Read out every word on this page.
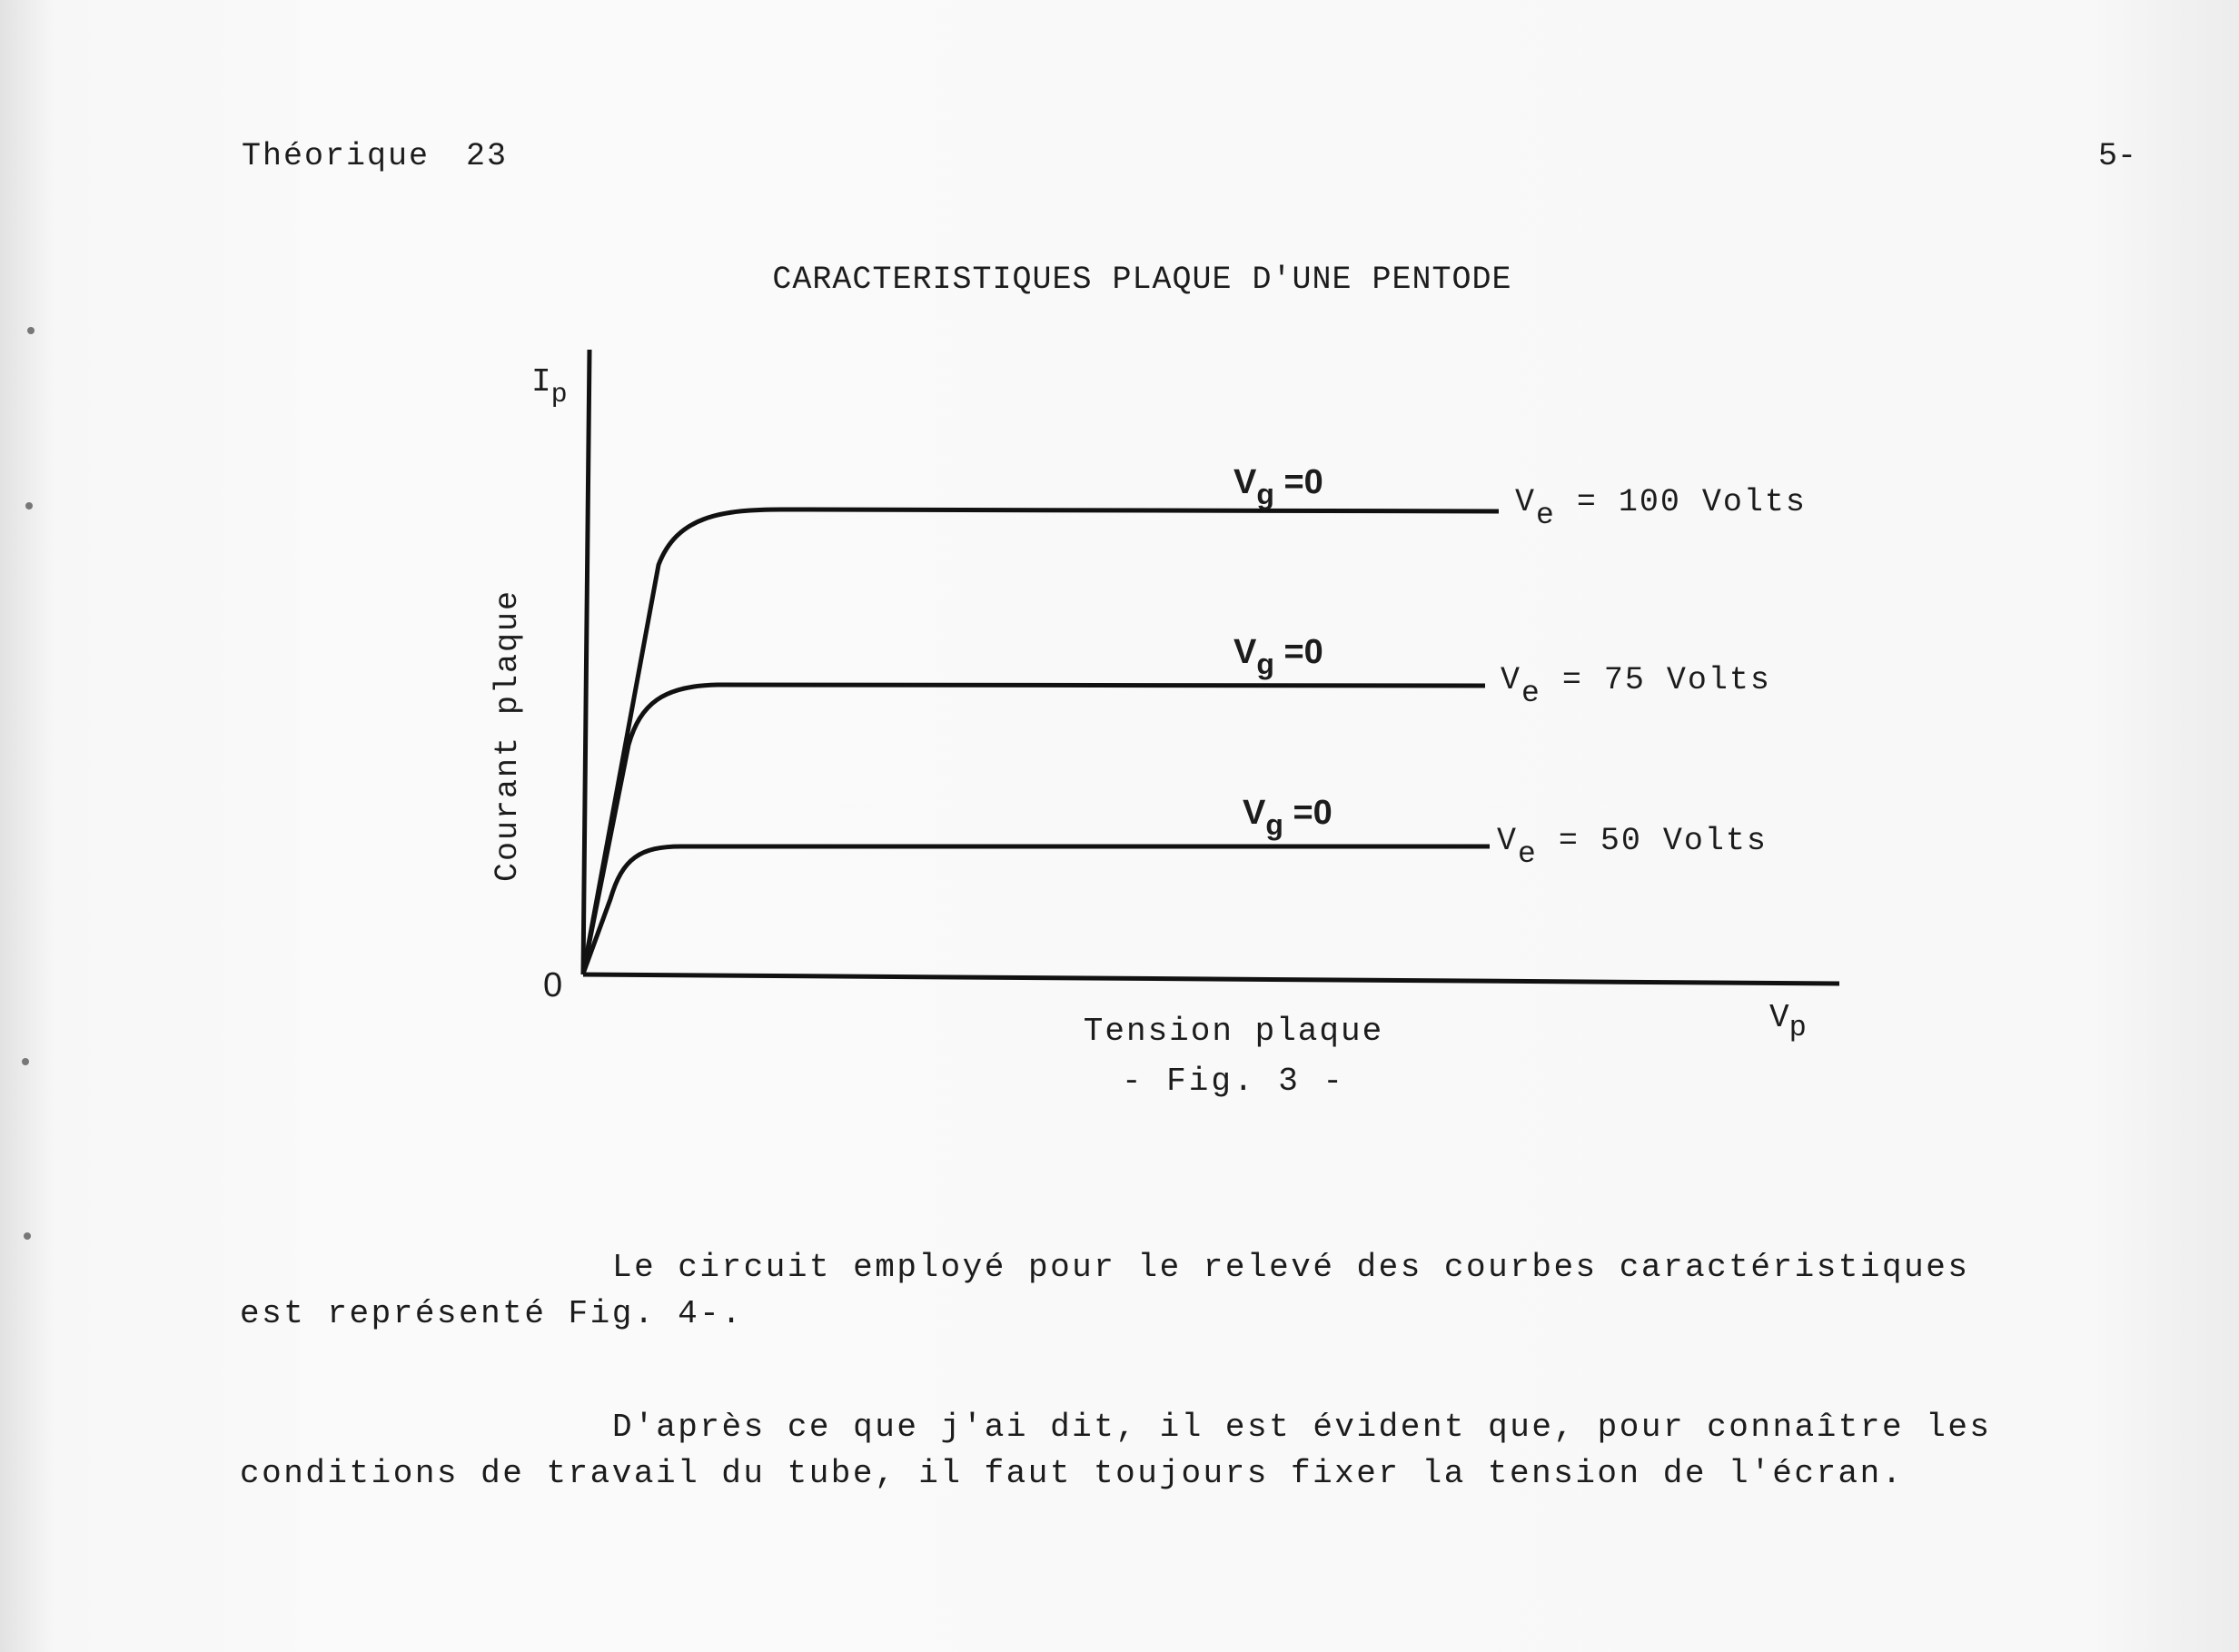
Théorique 23	5-
CARACTERISTIQUES PLAQUE D'UNE PENTODE
$I_p$
0
Courant plaque
Tension plaque	Vp
- Fig. 3 -
$V_g =0$
$V_g =0$
$V_g =0$
Ve = 100 Volts
Ve = 75 Volts
Ve = 50 Volts
Le circuit employé pour le relevé des courbes caractéristiques
est représenté Fig. 4-.
D'après ce que j'ai dit, il est évident que, pour connaître les
conditions de travail du tube, il faut toujours fixer la tension de l'écran.
